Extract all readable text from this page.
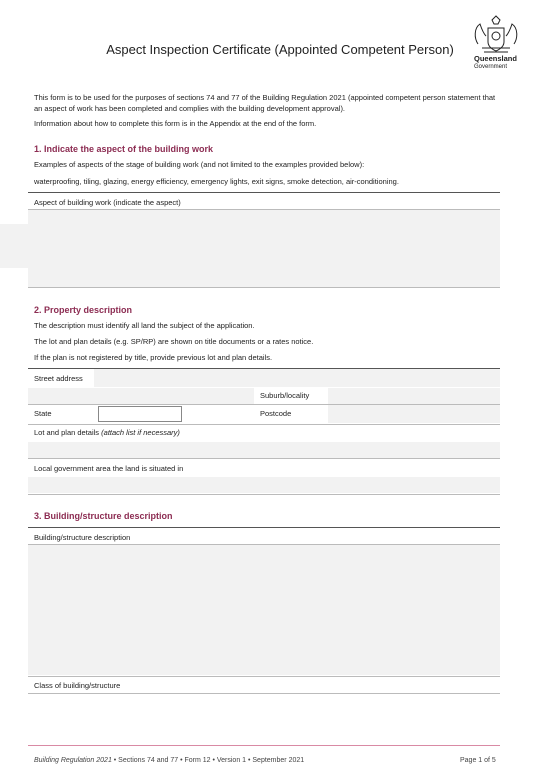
Queensland
Government
Aspect Inspection Certificate (Appointed Competent Person)
This form is to be used for the purposes of sections 74 and 77 of the Building Regulation 2021 (appointed competent person statement that an aspect of work has been completed and complies with the building development approval).
Information about how to complete this form is in the Appendix at the end of the form.
1. Indicate the aspect of the building work
Examples of aspects of the stage of building work (and not limited to the examples provided below):
waterproofing, tiling, glazing, energy efficiency, emergency lights, exit signs, smoke detection, air-conditioning.
Aspect of building work (indicate the aspect)
2. Property description
The description must identify all land the subject of the application.
The lot and plan details (e.g. SP/RP) are shown on title documents or a rates notice.
If the plan is not registered by title, provide previous lot and plan details.
Street address
Suburb/locality
State	Postcode
Lot and plan details (attach list if necessary)
Local government area the land is situated in
3. Building/structure description
Building/structure description
Class of building/structure
Building Regulation 2021 • Sections 74 and 77 • Form 12 • Version 1 • September 2021	Page 1 of 5
